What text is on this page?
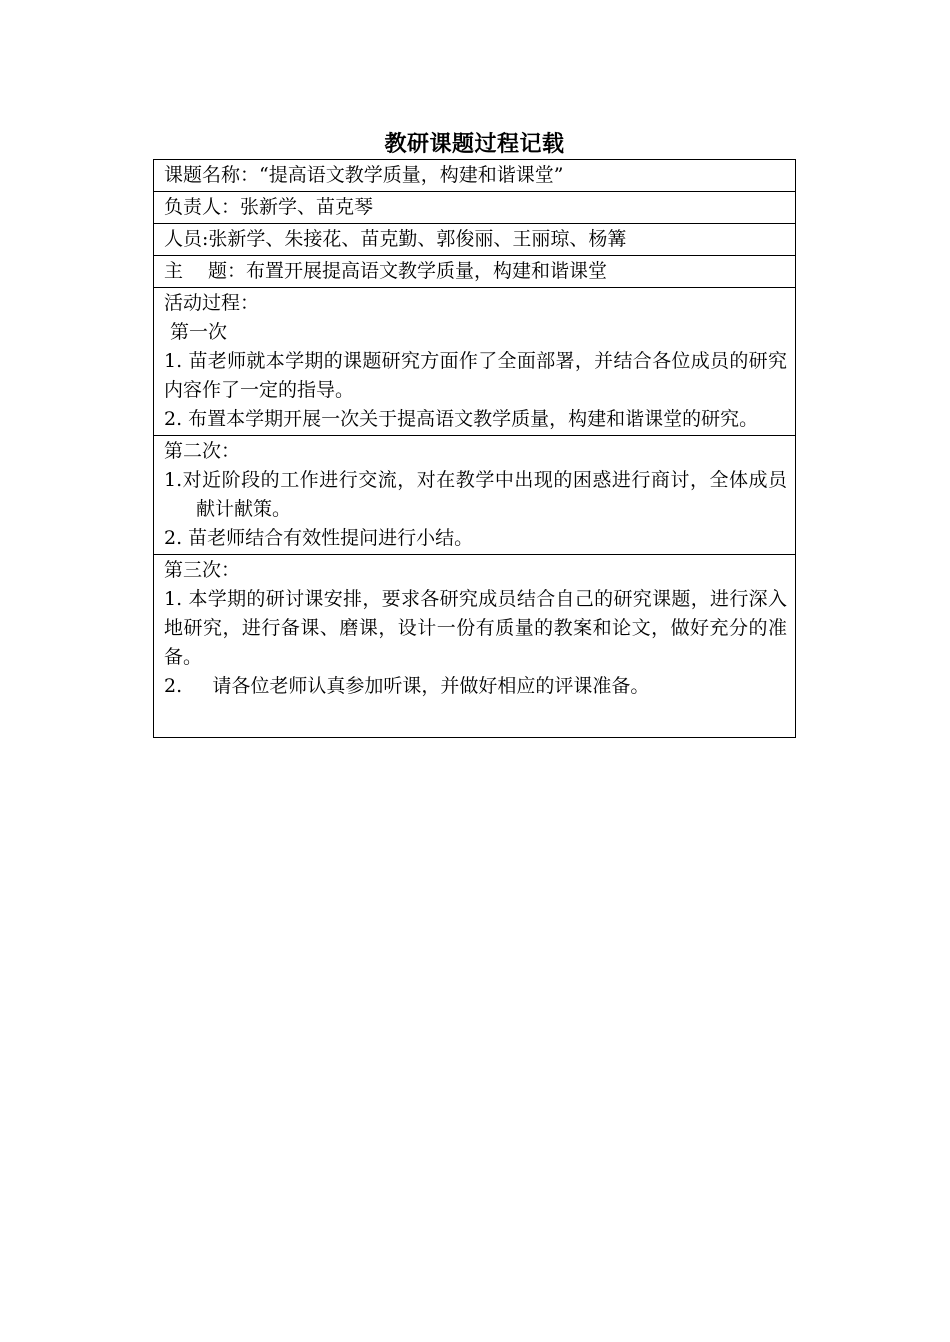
教研课题过程记载
课题名称：“提高语文教学质量，构建和谐课堂”
负责人：张新学、苗克琴
人员:张新学、朱接花、苗克勤、郭俊丽、王丽琼、杨篝
主　 题：布置开展提高语文教学质量，构建和谐课堂

活动过程：
第一次
1. 苗老师就本学期的课题研究方面作了全面部署，并结合各位成员的研究内容作了一定的指导。
2. 布置本学期开展一次关于提高语文教学质量，构建和谐课堂的研究。

第二次：
1.对近阶段的工作进行交流，对在教学中出现的困惑进行商讨，全体成员献计献策。
2. 苗老师结合有效性提问进行小结。

第三次：
1. 本学期的研讨课安排，要求各研究成员结合自己的研究课题，进行深入地研究，进行备课、磨课，设计一份有质量的教案和论文，做好充分的准备。
2.     请各位老师认真参加听课，并做好相应的评课准备。
